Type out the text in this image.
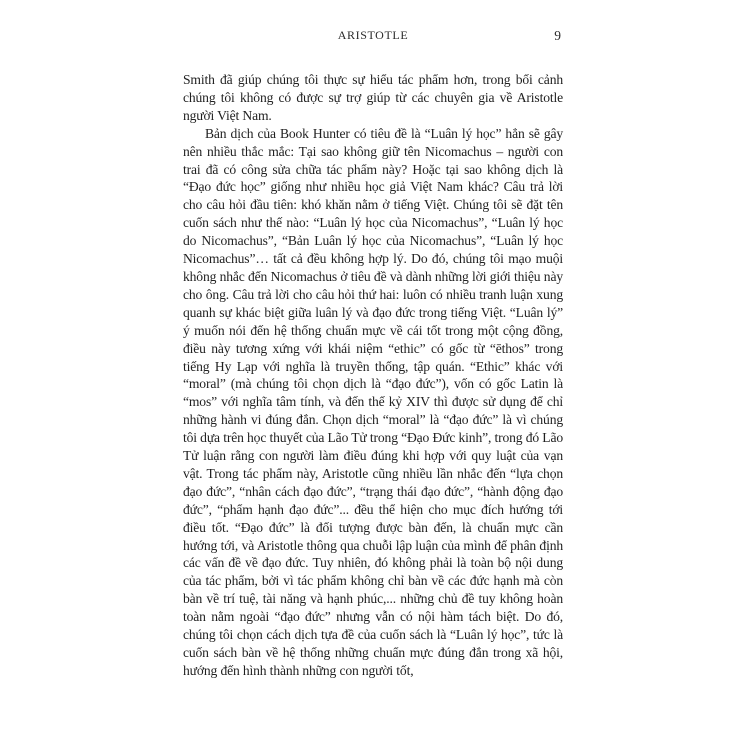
ARISTOTLE	9

Smith đã giúp chúng tôi thực sự hiểu tác phẩm hơn, trong bối cảnh chúng tôi không có được sự trợ giúp từ các chuyên gia về Aristotle người Việt Nam.

Bản dịch của Book Hunter có tiêu đề là “Luân lý học” hẳn sẽ gây nên nhiều thắc mắc: Tại sao không giữ tên Nicomachus – người con trai đã có công sửa chữa tác phẩm này? Hoặc tại sao không dịch là “Đạo đức học” giống như nhiều học giả Việt Nam khác? Câu trả lời cho câu hỏi đầu tiên: khó khăn nằm ở tiếng Việt. Chúng tôi sẽ đặt tên cuốn sách như thế nào: “Luân lý học của Nicomachus”, “Luân lý học do Nicomachus”, “Bản Luân lý học của Nicomachus”, “Luân lý học Nicomachus”… tất cả đều không hợp lý. Do đó, chúng tôi mạo muội không nhắc đến Nicomachus ở tiêu đề và dành những lời giới thiệu này cho ông. Câu trả lời cho câu hỏi thứ hai: luôn có nhiều tranh luận xung quanh sự khác biệt giữa luân lý và đạo đức trong tiếng Việt. “Luân lý” ý muốn nói đến hệ thống chuẩn mực về cái tốt trong một cộng đồng, điều này tương xứng với khái niệm “ethic” có gốc từ “ēthos” trong tiếng Hy Lạp với nghĩa là truyền thống, tập quán. “Ethic” khác với “moral” (mà chúng tôi chọn dịch là “đạo đức”), vốn có gốc Latin là “mos” với nghĩa tâm tính, và đến thế kỷ XIV thì được sử dụng để chỉ những hành vi đúng đắn. Chọn dịch “moral” là “đạo đức” là vì chúng tôi dựa trên học thuyết của Lão Tử trong “Đạo Đức kinh”, trong đó Lão Tử luận rằng con người làm điều đúng khi hợp với quy luật của vạn vật. Trong tác phẩm này, Aristotle cũng nhiều lần nhắc đến “lựa chọn đạo đức”, “nhân cách đạo đức”, “trạng thái đạo đức”, “hành động đạo đức”, “phẩm hạnh đạo đức”... đều thể hiện cho mục đích hướng tới điều tốt. “Đạo đức” là đối tượng được bàn đến, là chuẩn mực cần hướng tới, và Aristotle thông qua chuỗi lập luận của mình để phân định các vấn đề về đạo đức. Tuy nhiên, đó không phải là toàn bộ nội dung của tác phẩm, bởi vì tác phẩm không chỉ bàn về các đức hạnh mà còn bàn về trí tuệ, tài năng và hạnh phúc,... những chủ đề tuy không hoàn toàn nằm ngoài “đạo đức” nhưng vẫn có nội hàm tách biệt. Do đó, chúng tôi chọn cách dịch tựa đề của cuốn sách là “Luân lý học”, tức là cuốn sách bàn về hệ thống những chuẩn mực đúng đắn trong xã hội, hướng đến hình thành những con người tốt,
